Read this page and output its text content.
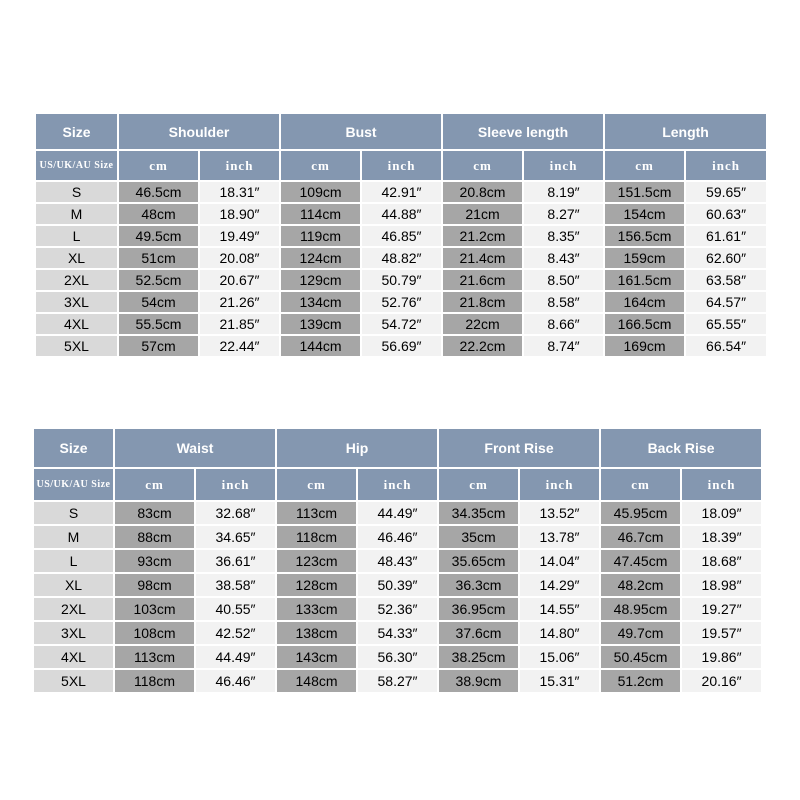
Size	Shoulder		Bust		Sleeve length		Length	
US/UK/AU Size	cm	inch	cm	inch	cm	inch	cm	inch
S	46.5cm	18.31″	109cm	42.91″	20.8cm	8.19″	151.5cm	59.65″
M	48cm	18.90″	114cm	44.88″	21cm	8.27″	154cm	60.63″
L	49.5cm	19.49″	119cm	46.85″	21.2cm	8.35″	156.5cm	61.61″
XL	51cm	20.08″	124cm	48.82″	21.4cm	8.43″	159cm	62.60″
2XL	52.5cm	20.67″	129cm	50.79″	21.6cm	8.50″	161.5cm	63.58″
3XL	54cm	21.26″	134cm	52.76″	21.8cm	8.58″	164cm	64.57″
4XL	55.5cm	21.85″	139cm	54.72″	22cm	8.66″	166.5cm	65.55″
5XL	57cm	22.44″	144cm	56.69″	22.2cm	8.74″	169cm	66.54″
Size	Waist		Hip		Front Rise		Back Rise	
US/UK/AU Size	cm	inch	cm	inch	cm	inch	cm	inch
S	83cm	32.68″	113cm	44.49″	34.35cm	13.52″	45.95cm	18.09″
M	88cm	34.65″	118cm	46.46″	35cm	13.78″	46.7cm	18.39″
L	93cm	36.61″	123cm	48.43″	35.65cm	14.04″	47.45cm	18.68″
XL	98cm	38.58″	128cm	50.39″	36.3cm	14.29″	48.2cm	18.98″
2XL	103cm	40.55″	133cm	52.36″	36.95cm	14.55″	48.95cm	19.27″
3XL	108cm	42.52″	138cm	54.33″	37.6cm	14.80″	49.7cm	19.57″
4XL	113cm	44.49″	143cm	56.30″	38.25cm	15.06″	50.45cm	19.86″
5XL	118cm	46.46″	148cm	58.27″	38.9cm	15.31″	51.2cm	20.16″
